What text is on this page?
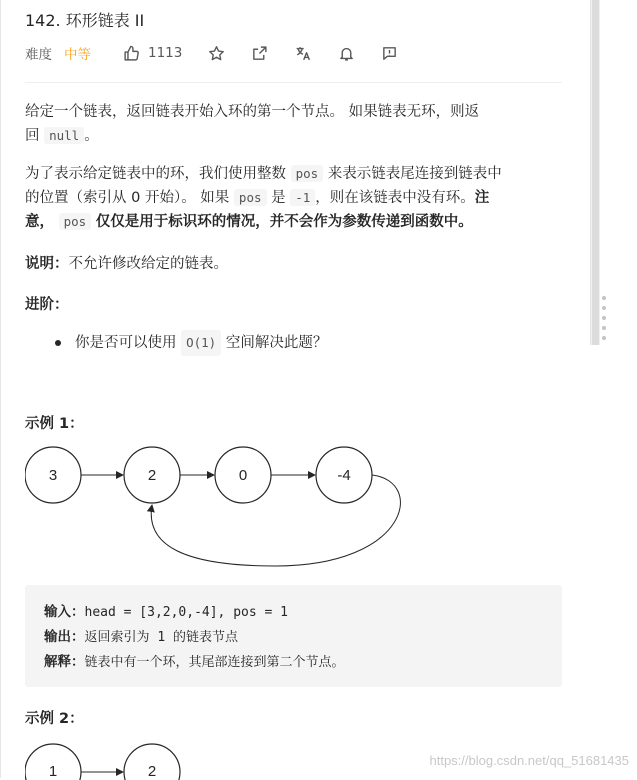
142. 环形链表 II
难度 中等	1113
给定一个链表，返回链表开始入环的第一个节点。 如果链表无环，则返
回 null 。
为了表示给定链表中的环，我们使用整数 pos 来表示链表尾连接到链表中
的位置（索引从 0 开始）。 如果 pos 是 -1 ，则在该链表中没有环。注
意， pos 仅仅是用于标识环的情况，并不会作为参数传递到函数中。
说明：不允许修改给定的链表。
进阶：
你是否可以使用
O(1)
空间解决此题？
示例 1：
3	2	0	-4
输入：head = [3,2,0,-4], pos = 1
输出：返回索引为 1 的链表节点
解释：链表中有一个环，其尾部连接到第二个节点。
示例 2：
1	2
https://blog.csdn.net/qq_51681435
